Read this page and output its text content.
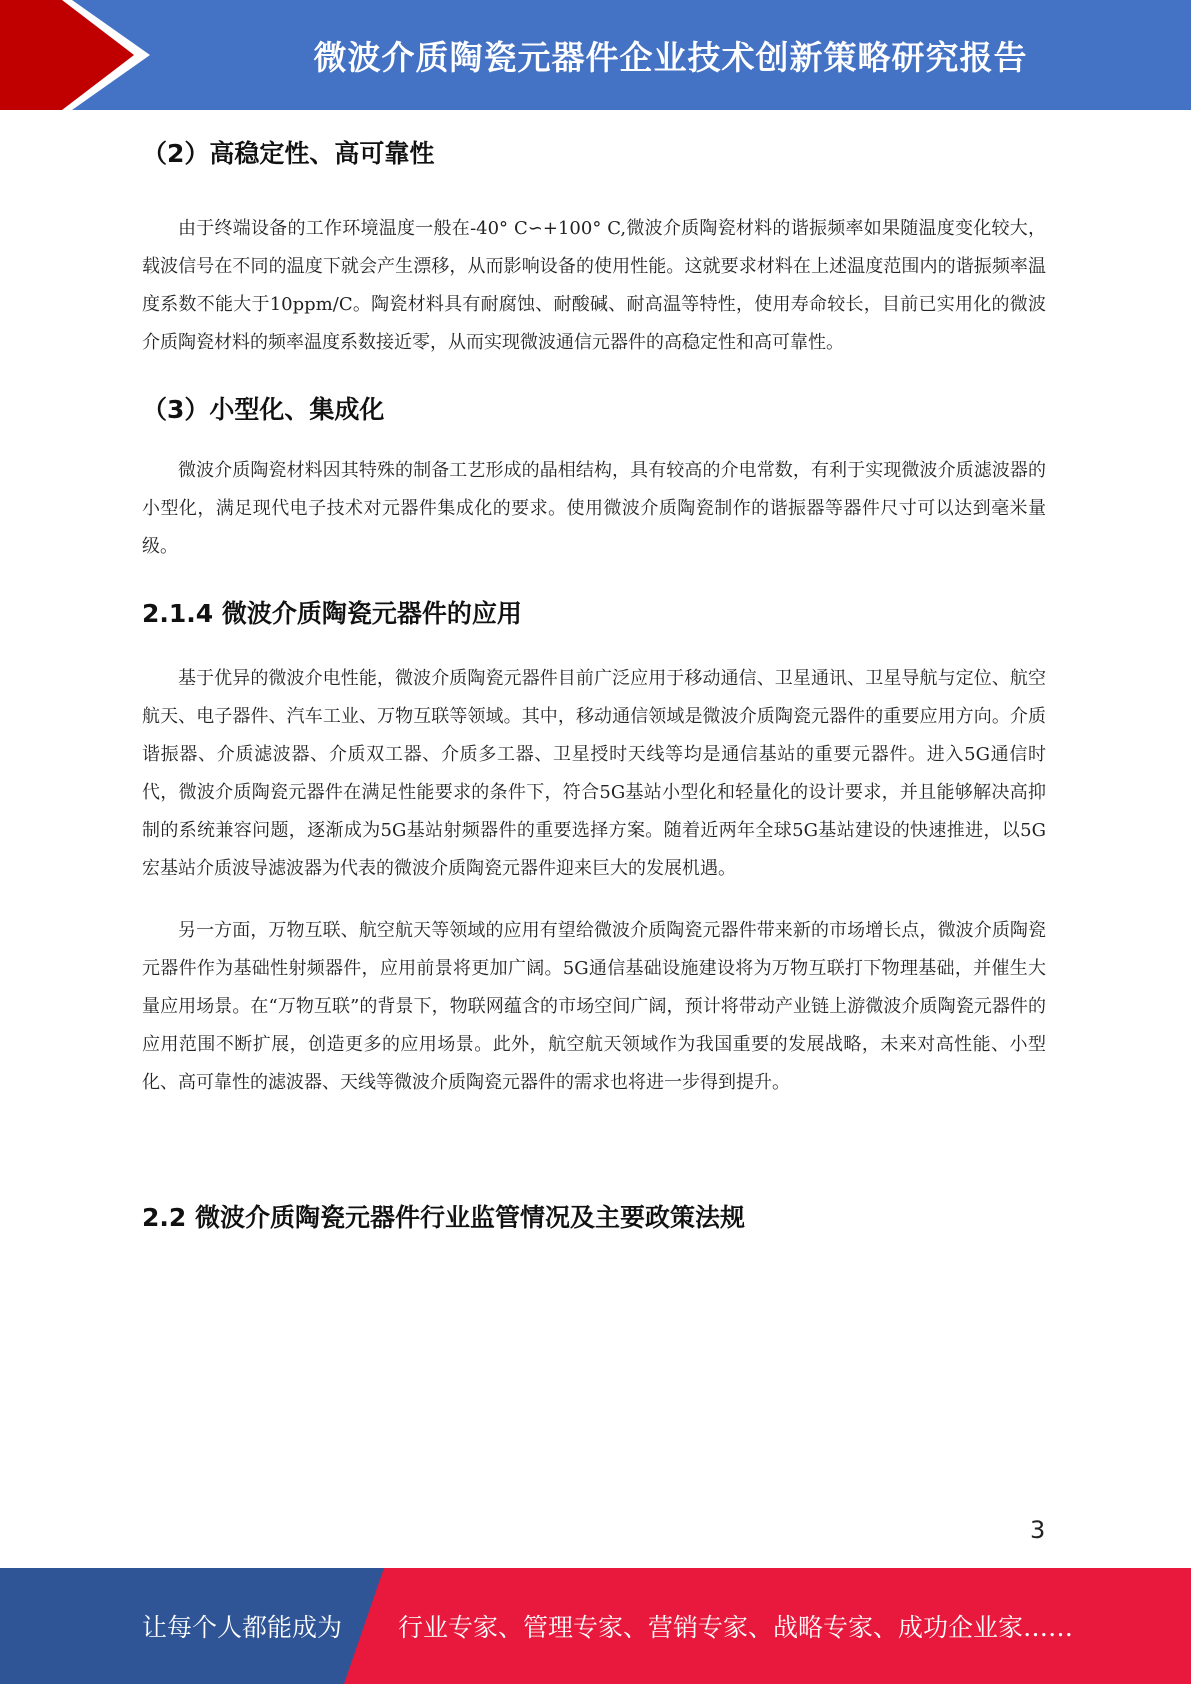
微波介质陶瓷元器件企业技术创新策略研究报告
（2）高稳定性、高可靠性

由于终端设备的工作环境温度一般在-40° C∽+100° C,微波介质陶瓷材料的谐振频率如果随温度变化较大，载波信号在不同的温度下就会产生漂移，从而影响设备的使用性能。这就要求材料在上述温度范围内的谐振频率温度系数不能大于10ppm/C。陶瓷材料具有耐腐蚀、耐酸碱、耐高温等特性，使用寿命较长，目前已实用化的微波介质陶瓷材料的频率温度系数接近零，从而实现微波通信元器件的高稳定性和高可靠性。

（3）小型化、集成化

微波介质陶瓷材料因其特殊的制备工艺形成的晶相结构，具有较高的介电常数，有利于实现微波介质滤波器的小型化，满足现代电子技术对元器件集成化的要求。使用微波介质陶瓷制作的谐振器等器件尺寸可以达到毫米量级。

2.1.4 微波介质陶瓷元器件的应用

基于优异的微波介电性能，微波介质陶瓷元器件目前广泛应用于移动通信、卫星通讯、卫星导航与定位、航空航天、电子器件、汽车工业、万物互联等领域。其中，移动通信领域是微波介质陶瓷元器件的重要应用方向。介质谐振器、介质滤波器、介质双工器、介质多工器、卫星授时天线等均是通信基站的重要元器件。进入5G通信时代，微波介质陶瓷元器件在满足性能要求的条件下，符合5G基站小型化和轻量化的设计要求，并且能够解决高抑制的系统兼容问题，逐渐成为5G基站射频器件的重要选择方案。随着近两年全球5G基站建设的快速推进，以5G宏基站介质波导滤波器为代表的微波介质陶瓷元器件迎来巨大的发展机遇。

另一方面，万物互联、航空航天等领域的应用有望给微波介质陶瓷元器件带来新的市场增长点，微波介质陶瓷元器件作为基础性射频器件，应用前景将更加广阔。5G通信基础设施建设将为万物互联打下物理基础，并催生大量应用场景。在“万物互联”的背景下，物联网蕴含的市场空间广阔，预计将带动产业链上游微波介质陶瓷元器件的应用范围不断扩展，创造更多的应用场景。此外，航空航天领域作为我国重要的发展战略，未来对高性能、小型化、高可靠性的滤波器、天线等微波介质陶瓷元器件的需求也将进一步得到提升。

2.2 微波介质陶瓷元器件行业监管情况及主要政策法规
3
让每个人都能成为 行业专家、管理专家、营销专家、战略专家、成功企业家……
